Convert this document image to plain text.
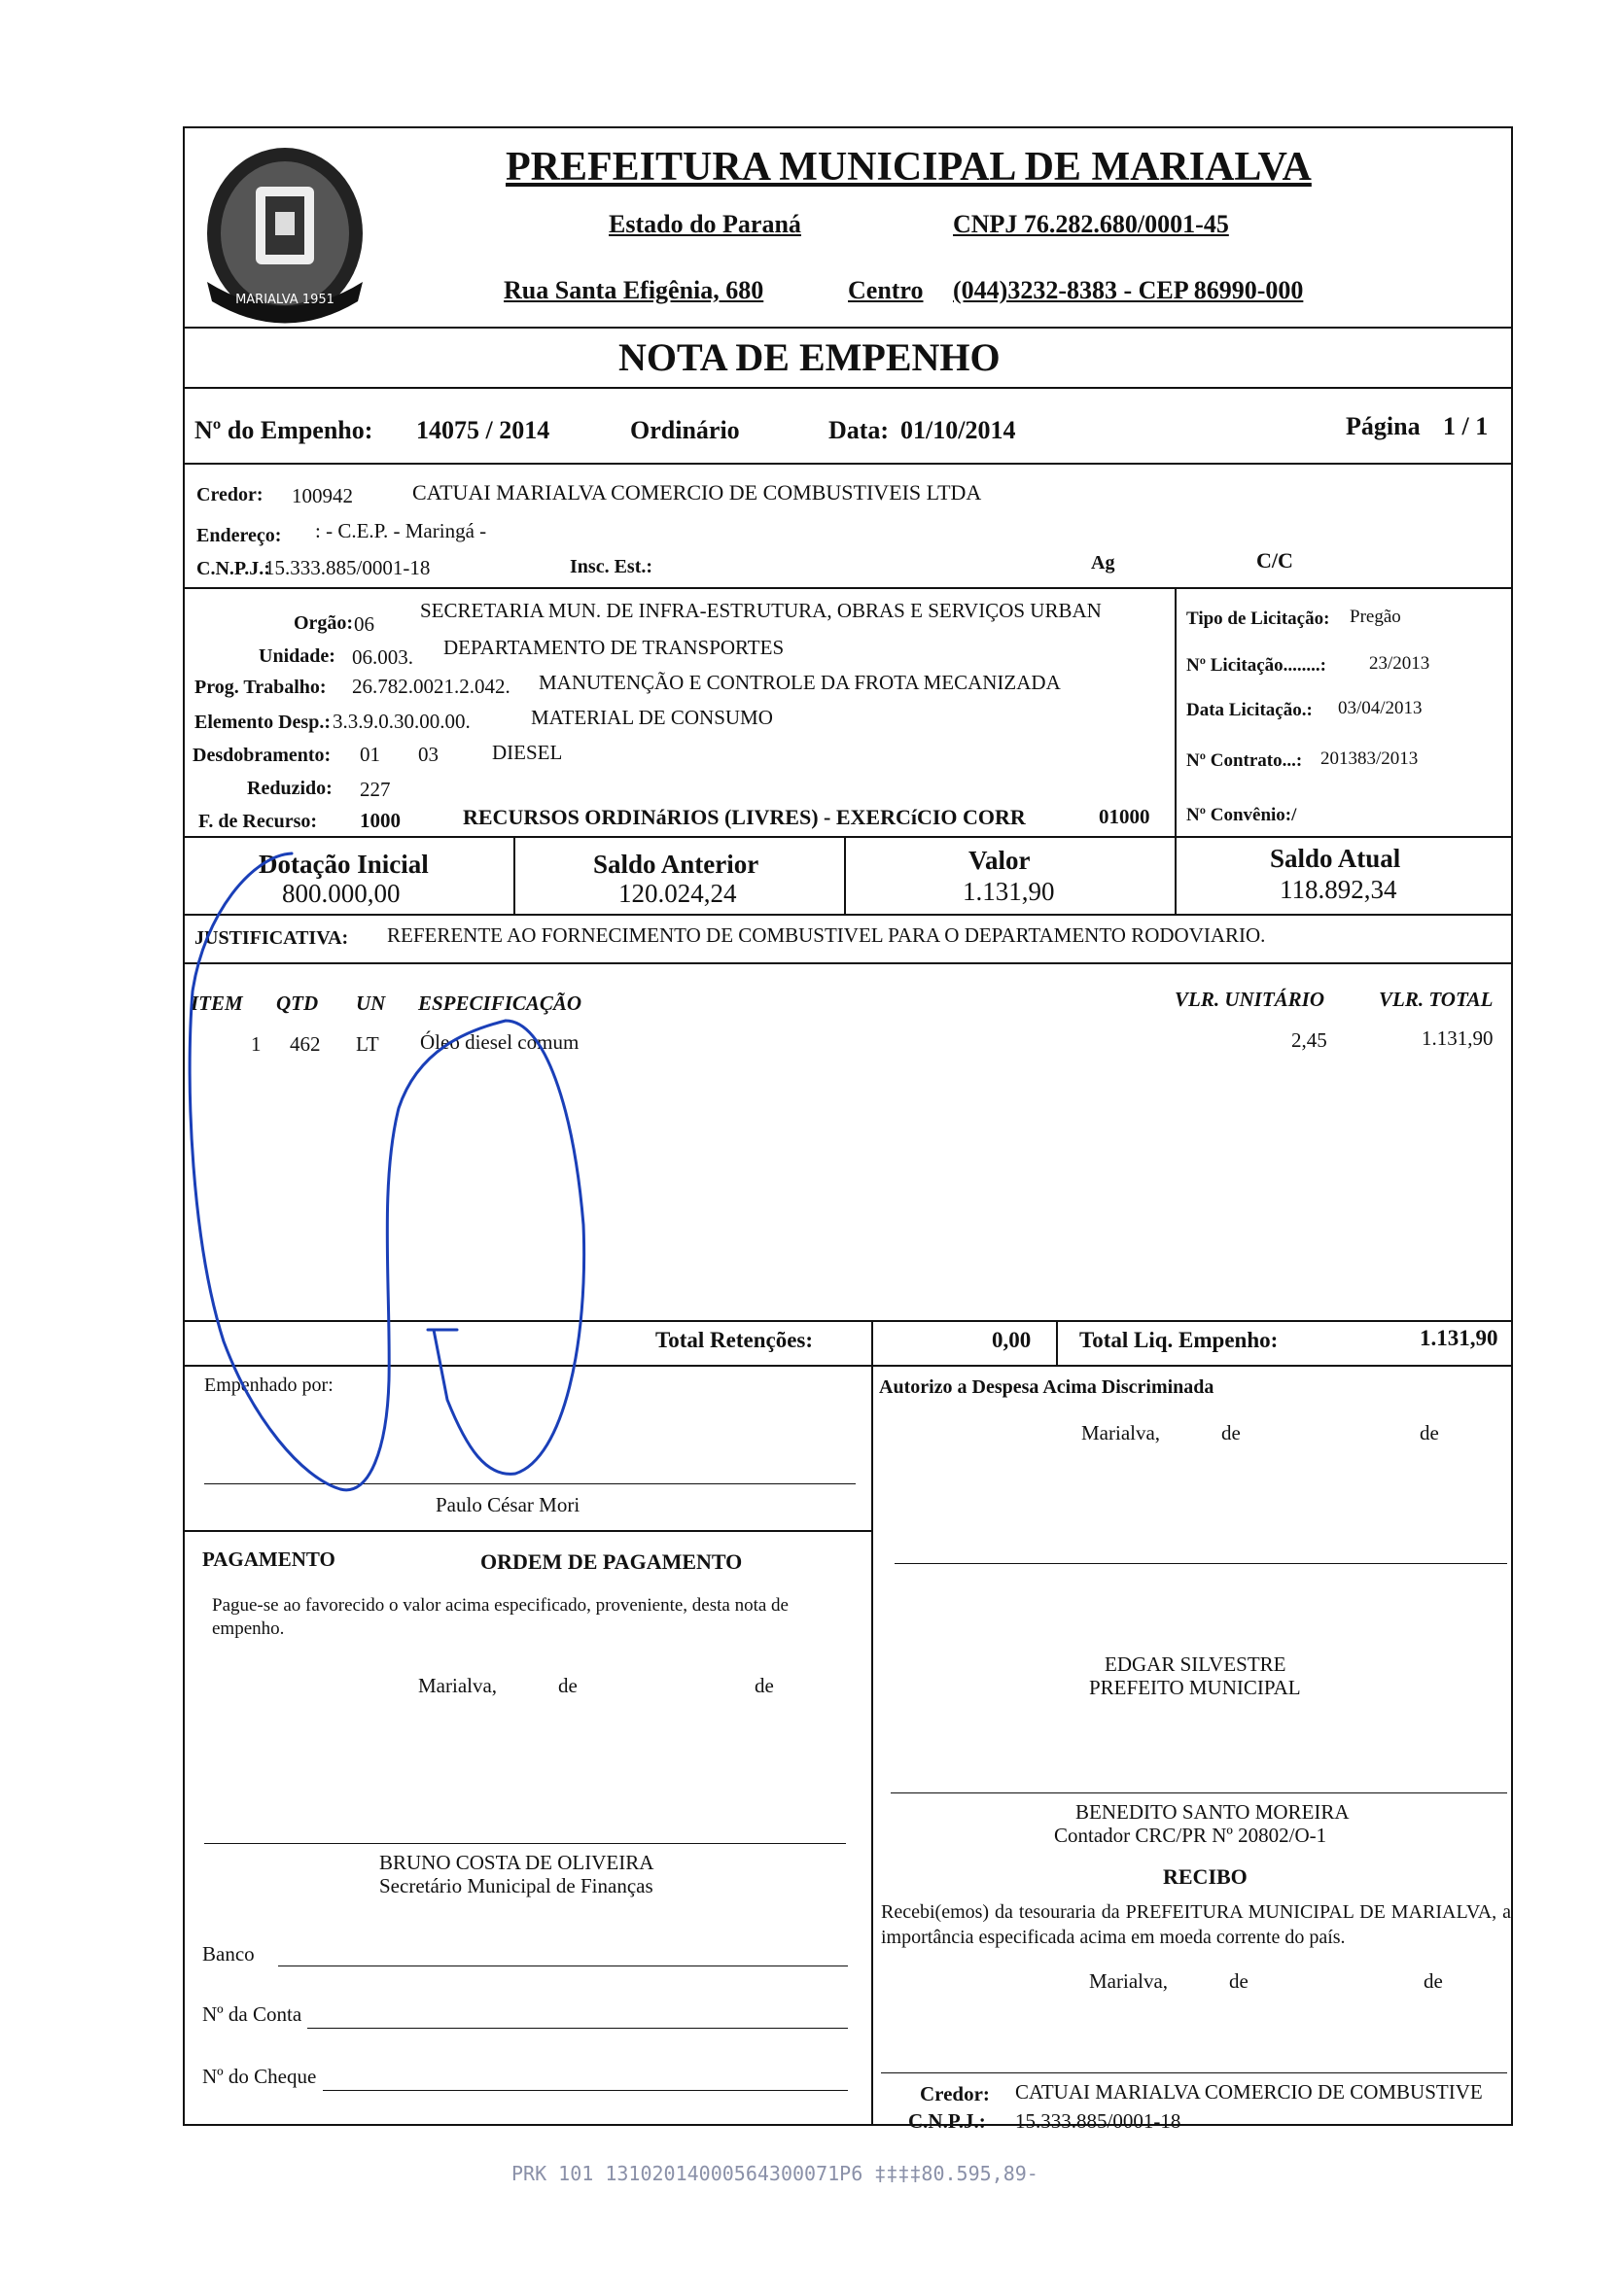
MARIALVA 1951
PREFEITURA MUNICIPAL DE MARIALVA
Estado do Paraná	CNPJ 76.282.680/0001-45
Rua Santa Efigênia, 680	Centro (044)3232-8383 - CEP 86990-000
NOTA DE EMPENHO
Nº do Empenho: 14075 / 2014	Ordinário	Data: 01/10/2014	Página 1 / 1
Credor: 100942	CATUAI MARIALVA COMERCIO DE COMBUSTIVEIS LTDA
Endereço: : - C.E.P. - Maringá -
C.N.P.J.:
15.333.885/0001-18	Insc. Est.:	Ag	C/C
Orgão: 06
SECRETARIA MUN. DE INFRA-ESTRUTURA, OBRAS E SERVIÇOS URBAN
Unidade: 06.003. DEPARTAMENTO DE TRANSPORTES
Prog. Trabalho: 26.782.0021.2.042. MANUTENÇÃO E CONTROLE DA FROTA MECANIZADA
Elemento Desp.: 3.3.9.0.30.00.00.	MATERIAL DE CONSUMO
Desdobramento: 01 03	DIESEL
Reduzido: 227
F. de Recurso: 1000	RECURSOS ORDINáRIOS (LIVRES) - EXERCíCIO CORR	01000
Tipo de Licitação: Pregão
Nº Licitação........: 23/2013
Data Licitação.: 03/04/2013
Nº Contrato...: 201383/2013
Nº Convênio:/
Dotação Inicial
800.000,00
Saldo Anterior
120.024,24
Valor
1.131,90
Saldo Atual
118.892,34
JUSTIFICATIVA: REFERENTE AO FORNECIMENTO DE COMBUSTIVEL PARA O DEPARTAMENTO RODOVIARIO.
ITEM QTD UN ESPECIFICAÇÃO	VLR. UNITÁRIO	VLR. TOTAL
1 462 LT Óleo diesel comum	2,45	1.131,90
Total Retenções:	0,00 Total Liq. Empenho:	1.131,90
Empenhado por:
Paulo César Mori
Autorizo a Despesa Acima Discriminada
Marialva,	de	de
EDGAR SILVESTRE
PREFEITO MUNICIPAL
PAGAMENTO	ORDEM DE PAGAMENTO
Pague-se ao favorecido o valor acima especificado, proveniente, desta nota de empenho.
Marialva,	de	de
BENEDITO SANTO MOREIRA
Contador CRC/PR Nº 20802/O-1
BRUNO COSTA DE OLIVEIRA
Secretário Municipal de Finanças
Banco
Nº da Conta
Nº do Cheque
RECIBO
Recebi(emos) da tesouraria da PREFEITURA MUNICIPAL DE MARIALVA, a importância especificada acima em moeda corrente do país.
Marialva,	de	de
Credor: CATUAI MARIALVA COMERCIO DE COMBUSTIVE
C.N.P.J.: 15.333.885/0001-18
PRK 101 13102014000564300071P6 ‡‡‡‡80.595,89-
